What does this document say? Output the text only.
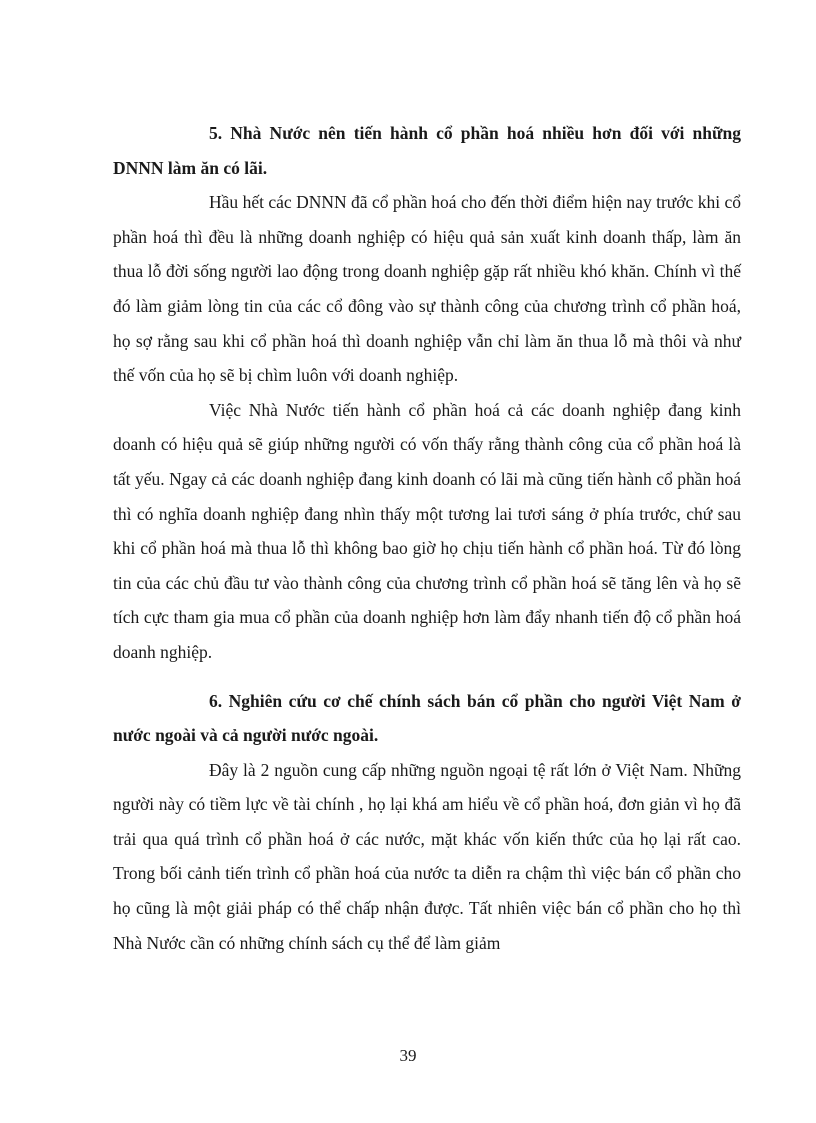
5. Nhà Nước nên tiến hành cổ phần hoá nhiều hơn đối với những DNNN làm ăn có lãi.

Hầu hết các DNNN đã cổ phần hoá cho đến thời điểm hiện nay trước khi cổ phần hoá thì đều là những doanh nghiệp có hiệu quả sản xuất kinh doanh thấp, làm ăn thua lỗ đời sống người lao động trong doanh nghiệp gặp rất nhiều khó khăn. Chính vì thế đó làm giảm lòng tin của các cổ đông vào sự thành công của chương trình cổ phần hoá, họ sợ rằng sau khi cổ phần hoá thì doanh nghiệp vẫn chỉ làm ăn thua lỗ mà thôi và như thế vốn của họ sẽ bị chìm luôn với doanh nghiệp.

Việc Nhà Nước tiến hành cổ phần hoá cả các doanh nghiệp đang kinh doanh có hiệu quả sẽ giúp những người có vốn thấy rằng thành công của cổ phần hoá là tất yếu. Ngay cả các doanh nghiệp đang kinh doanh có lãi mà cũng tiến hành cổ phần hoá thì có nghĩa doanh nghiệp đang nhìn thấy một tương lai tươi sáng ở phía trước, chứ sau khi cổ phần hoá mà thua lỗ thì không bao giờ họ chịu tiến hành cổ phần hoá. Từ đó lòng tin của các chủ đầu tư vào thành công của chương trình cổ phần hoá sẽ tăng lên và họ sẽ tích cực tham gia mua cổ phần của doanh nghiệp hơn làm đẩy nhanh tiến độ cổ phần hoá doanh nghiệp.

6. Nghiên cứu cơ chế chính sách bán cổ phần cho người Việt Nam ở nước ngoài và cả người nước ngoài.

Đây là 2 nguồn cung cấp những nguồn ngoại tệ rất lớn ở Việt Nam. Những người này có tiềm lực về tài chính , họ lại khá am hiểu về cổ phần hoá, đơn giản vì họ đã trải qua quá trình cổ phần hoá ở các nước, mặt khác vốn kiến thức của họ lại rất cao. Trong bối cảnh tiến trình cổ phần hoá của nước ta diễn ra chậm thì việc bán cổ phần cho họ cũng là một giải pháp có thể chấp nhận được. Tất nhiên việc bán cổ phần cho họ thì Nhà Nước cần có những chính sách cụ thể để làm giảm

39
